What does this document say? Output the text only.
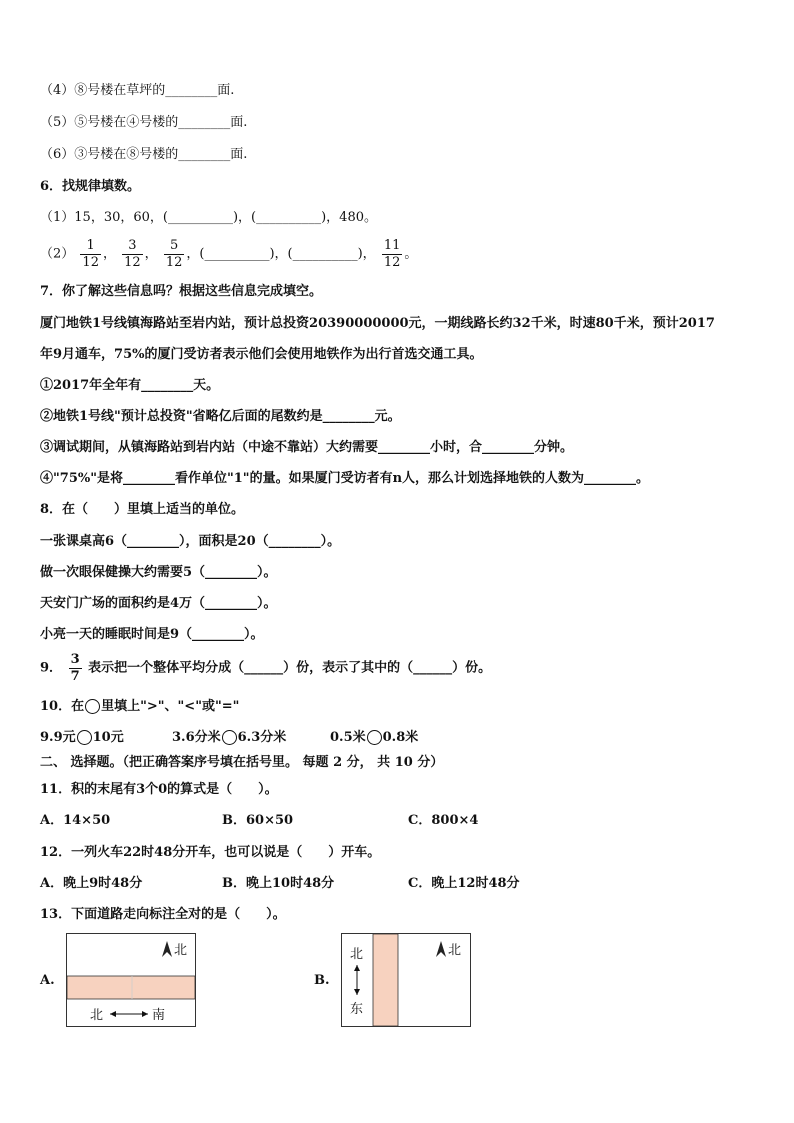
（4）⑧号楼在草坪的________面.
（5）⑤号楼在④号楼的________面.
（6）③号楼在⑧号楼的________面.
6．找规律填数。
（1）15，30，60，(__________)，(__________)，480。
$(2) \frac{1}{12}$ ， $\frac{3}{12}$ ， $\frac{5}{12}$ ，(__________)，(__________)， $\frac{11}{12}$ 。
7．你了解这些信息吗？根据这些信息完成填空。
厦门地铁1号线镇海路站至岩内站，预计总投资20390000000元，一期线路长约32千米，时速80千米，预计2017
年9月通车，75%的厦门受访者表示他们会使用地铁作为出行首选交通工具。
①2017年全年有________天。
②地铁1号线"预计总投资"省略亿后面的尾数约是________元。
③调试期间，从镇海路站到岩内站（中途不靠站）大约需要________小时，合________分钟。
④"75%"是将________看作单位"1"的量。如果厦门受访者有n人，那么计划选择地铁的人数为________。
8．在（　　）里填上适当的单位。
一张课桌高6（________），面积是20（________）。
做一次眼保健操大约需要5（________）。
天安门广场的面积约是4万（________）。
小亮一天的睡眠时间是9（________）。
9． $\frac{3}{7}$ 表示把一个整体平均分成（______）份，表示了其中的（______）份。
10．在 里填上">"、"<"或"="
9.9元 10元	3.6分米 6.3分米	0.5米 0.8米
二、 选择题。（把正确答案序号填在括号里。 每题 2 分， 共 10 分）
11．积的末尾有3个0的算式是（　　）。
A．14×50	B．60×50	C．800×4
12．一列火车22时48分开车，也可以说是（　　）开车。
A．晚上9时48分	B．晚上10时48分	C．晚上12时48分
13．下面道路走向标注全对的是（　　）。
A.
北
北	南
B.
北
北
东
